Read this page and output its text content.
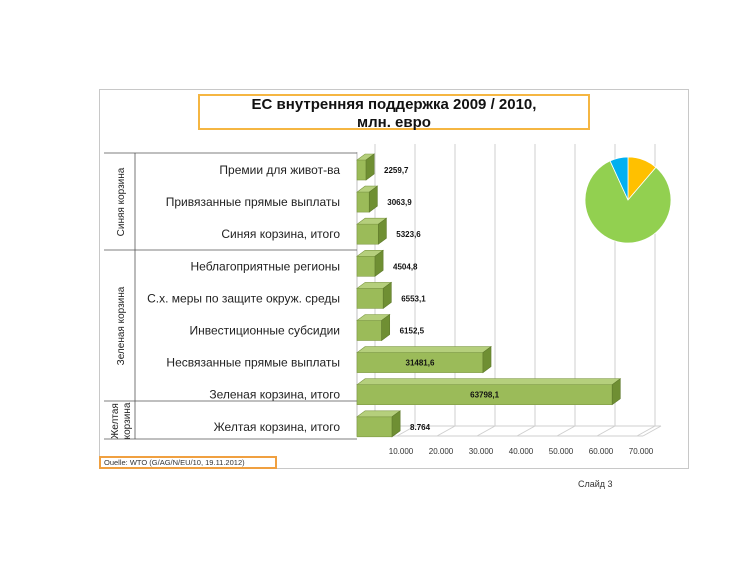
10.000 20.000 30.000 40.000 50.000 60.000 70.000
2259,7
Премии для живот-ва
3063,9
Привязанные прямые выплаты
5323,6
Синяя корзина, итого
4504,8
Неблагоприятные регионы
6553,1
С.х. меры по защите окруж. среды
6152,5
Инвестиционные субсидии
31481,6
Несвязанные прямые выплаты
63798,1
Зеленая корзина, итого
8.764
Желтая корзина, итого
Синяя корзина
Зеленая корзина
Желтая корзина
ЕС внутренняя поддержка 2009 / 2010,
млн. евро
Ouelle: WTO (G/AG/N/EU/10, 19.11.2012)
Слайд 3
